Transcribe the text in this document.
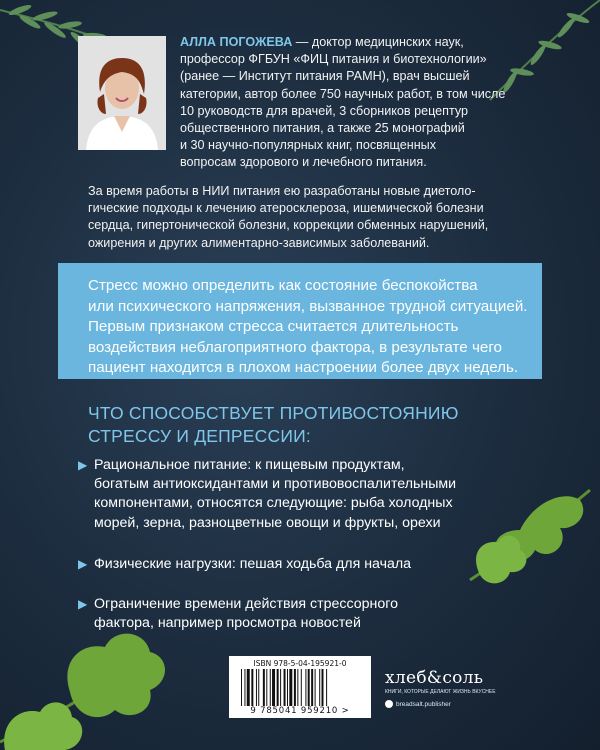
АЛЛА ПОГОЖЕВА — доктор медицинских наук,
профессор ФГБУН «ФИЦ питания и биотехнологии»
(ранее — Институт питания РАМН), врач высшей
категории, автор более 750 научных работ, в том числе
10 руководств для врачей, 3 сборников рецептур
общественного питания, а также 25 монографий
и 30 научно-популярных книг, посвященных
вопросам здорового и лечебного питания.
За время работы в НИИ питания ею разработаны новые диетоло-
гические подходы к лечению атеросклероза, ишемической болезни
сердца, гипертонической болезни, коррекции обменных нарушений,
ожирения и других алиментарно-зависимых заболеваний.
Стресс можно определить как состояние беспокойства
или психического напряжения, вызванное трудной ситуацией.
Первым признаком стресса считается длительность
воздействия неблагоприятного фактора, в результате чего
пациент находится в плохом настроении более двух недель.
ЧТО СПОСОБСТВУЕТ ПРОТИВОСТОЯНИЮ
СТРЕССУ И ДЕПРЕССИИ:
▶ Рациональное питание: к пищевым продуктам,
богатым антиоксидантами и противовоспалительными
компонентами, относятся следующие: рыба холодных
морей, зерна, разноцветные овощи и фрукты, орехи
▶ Физические нагрузки: пешая ходьба для начала
▶ Ограничение времени действия стрессорного
фактора, например просмотра новостей
ISBN 978-5-04-195921-0
9 785041 959210 >
хлеб&соль
КНИГИ, КОТОРЫЕ ДЕЛАЮТ ЖИЗНЬ ВКУСНЕЕ
breadsalt.publisher
